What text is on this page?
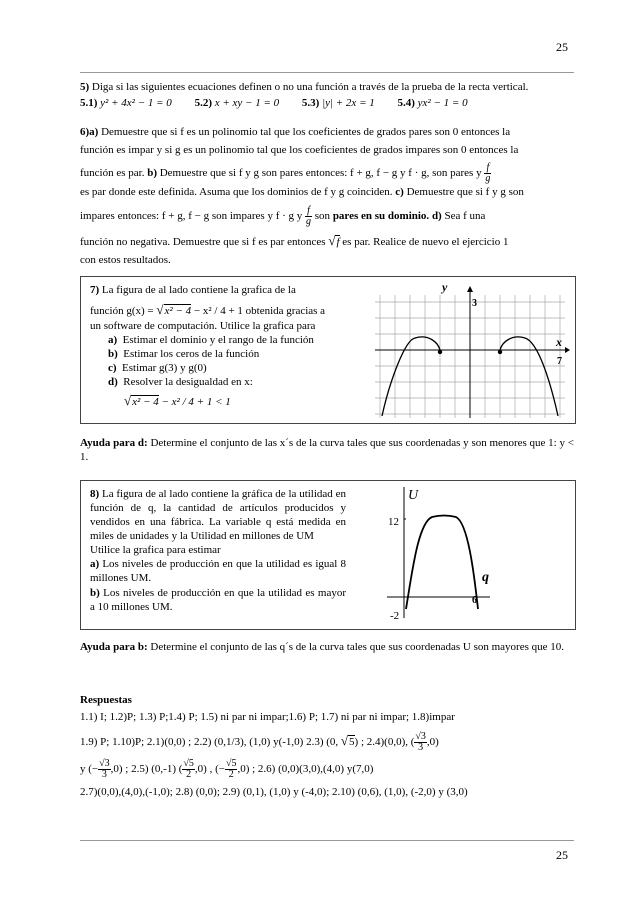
25

5) Diga si las siguientes ecuaciones definen o no una función a través de la prueba de la recta vertical.

5.1) y² + 4x² − 1 = 0 5.2) x + xy − 1 = 0 5.3) |y| + 2x = 1 5.4) yx² − 1 = 0

6)a) Demuestre que si f es un polinomio tal que los coeficientes de grados pares son 0 entonces la
función es impar y si g es un polinomio tal que los coeficientes de grados impares son 0 entonces la
función es par. b) Demuestre que si f y g son pares entonces: f + g, f − g y f · g, son pares y $\frac{f}{g}$
es par donde este definida. Asuma que los dominios de f y g coinciden. c) Demuestre que si f y g son
impares entonces: f + g, f − g son impares y f · g y $\frac{f}{g}$ son pares en su dominio. d) Sea f una
función no negativa. Demuestre que si f es par entonces √f es par. Realice de nuevo el ejercicio 1
con estos resultados.
7) La figura de al lado contiene la grafica de la
función g(x) = √x² − 4 − x² / 4 + 1 obtenida gracias a
un software de computación. Utilice la grafica para
a) Estimar el dominio y el rango de la función
b) Estimar los ceros de la función
c) Estimar g(3) y g(0)
d) Resolver la desigualdad en x:
√x² − 4 − x² / 4 + 1 < 1
y
3
x
7
Ayuda para d: Determine el conjunto de las x´s de la curva tales que sus coordenadas y son menores que 1: y < 1.
8) La figura de al lado contiene la gráfica de la utilidad en función de q, la cantidad de artículos producidos y vendidos en una fábrica. La variable q está medida en miles de unidades y la Utilidad en millones de UM
Utilice la grafica para estimar
a) Los niveles de producción en que la utilidad es igual 8 millones UM.
b) Los niveles de producción en que la utilidad es mayor a 10 millones UM.
U
12
-2
q
6
Ayuda para b: Determine el conjunto de las q´s de la curva tales que sus coordenadas U son mayores que 10.
Respuestas
1.1) I; 1.2)P; 1.3) P;1.4) P; 1.5) ni par ni impar;1.6) P; 1.7) ni par ni impar; 1.8)impar
1.9) P; 1.10)P; 2.1)(0,0) ; 2.2) (0,1/3), (1,0) y(-1,0) 2.3) (0, √5) ; 2.4)(0,0), ( $\frac{√3}{3} ,0$)
y (− $\frac{√3}{3} ,0$) ; 2.5) (0,-1) ( $\frac{√5}{2} ,0$) , (− $\frac{√5}{2} ,0$) ; 2.6) (0,0)(3,0),(4,0) y(7,0)
2.7)(0,0),(4,0),(-1,0); 2.8) (0,0); 2.9) (0,1), (1,0) y (-4,0); 2.10) (0,6), (1,0), (-2,0) y (3,0)
25
